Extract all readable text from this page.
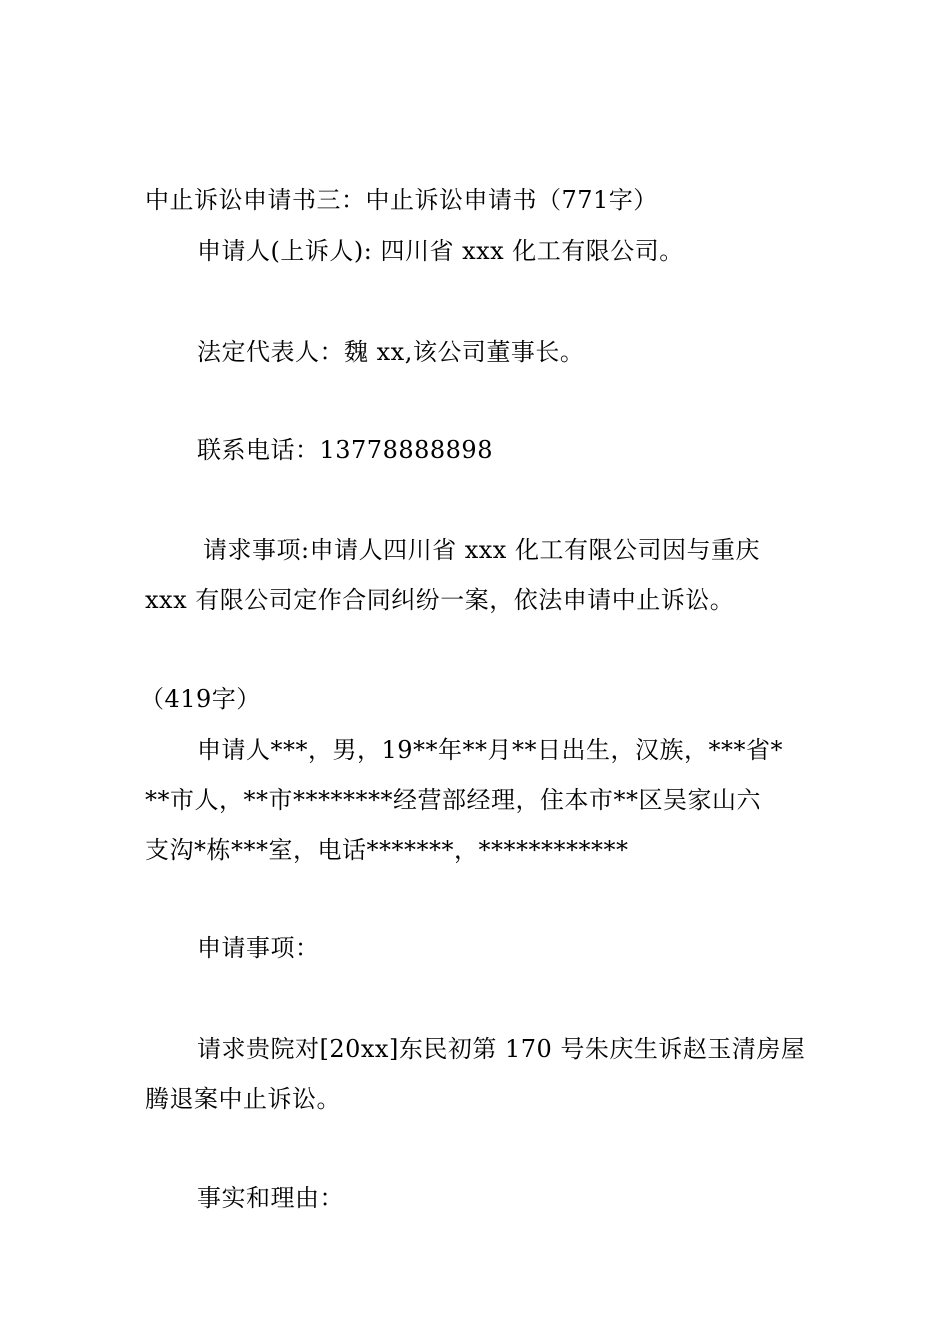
中止诉讼申请书三：中止诉讼申请书（771字）
申请人(上诉人): 四川省 xxx 化工有限公司。
法定代表人：魏 xx,该公司董事长。
联系电话：13778888898
请求事项:申请人四川省 xxx 化工有限公司因与重庆
xxx 有限公司定作合同纠纷一案，依法申请中止诉讼。
（419字）
申请人***，男，19**年**月**日出生，汉族，***省*
**市人，**市********经营部经理，住本市**区吴家山六
支沟*栋***室，电话*******，************
申请事项：
请求贵院对[20xx]东民初第 170 号朱庆生诉赵玉清房屋
腾退案中止诉讼。
事实和理由：
